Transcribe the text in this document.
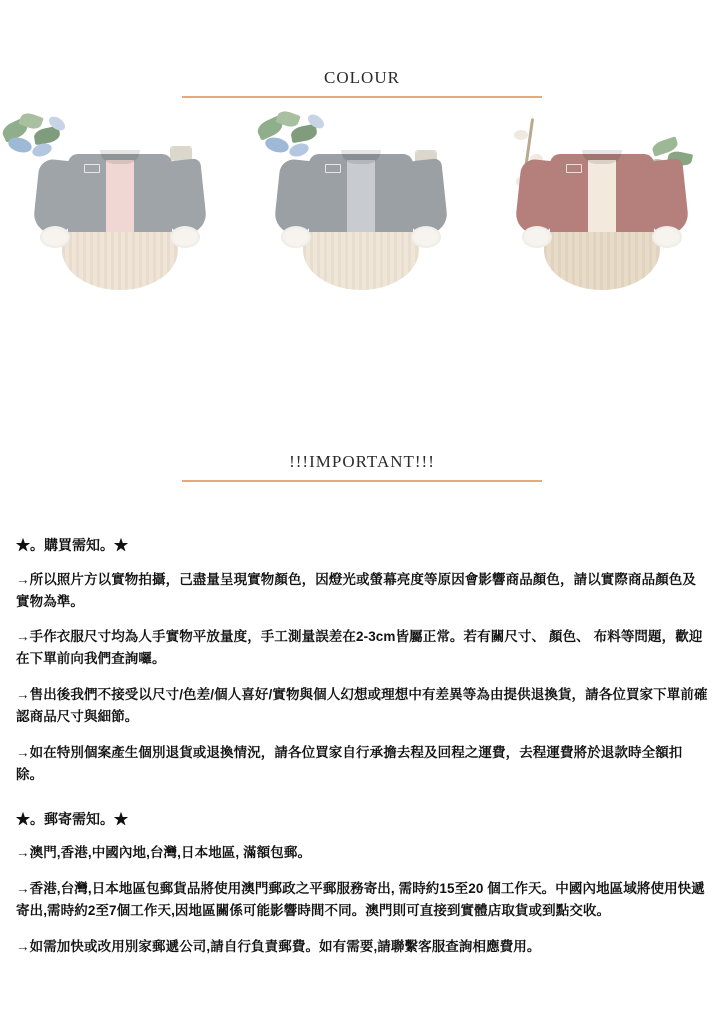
COLOUR
!!!IMPORTANT!!!

★。購買需知。★

→所以照片方以實物拍攝，己盡量呈現實物顏色，因燈光或螢幕亮度等原因會影響商品顏色，請以實際商品顏色及實物為準。

→手作衣服尺寸均為人手實物平放量度，手工測量誤差在2-3cm皆屬正常。若有關尺寸、 顏色、 布料等問題，歡迎在下單前向我們查詢囉。

→售出後我們不接受以尺寸/色差/個人喜好/實物與個人幻想或理想中有差異等為由提供退換貨，請各位買家下單前確認商品尺寸與細節。

→如在特別個案產生個別退貨或退換情況，請各位買家自行承擔去程及回程之運費，去程運費將於退款時全額扣除。

★。郵寄需知。★

→澳門,香港,中國內地,台灣,日本地區, 滿額包郵。

→香港,台灣,日本地區包郵貨品將使用澳門郵政之平郵服務寄出, 需時約15至20 個工作天。中國內地區域將使用快遞寄出,需時約2至7個工作天,因地區關係可能影響時間不同。澳門則可直接到實體店取貨或到點交收。

→如需加快或改用別家郵遞公司,請自行負責郵費。如有需要,請聯繫客服查詢相應費用。
